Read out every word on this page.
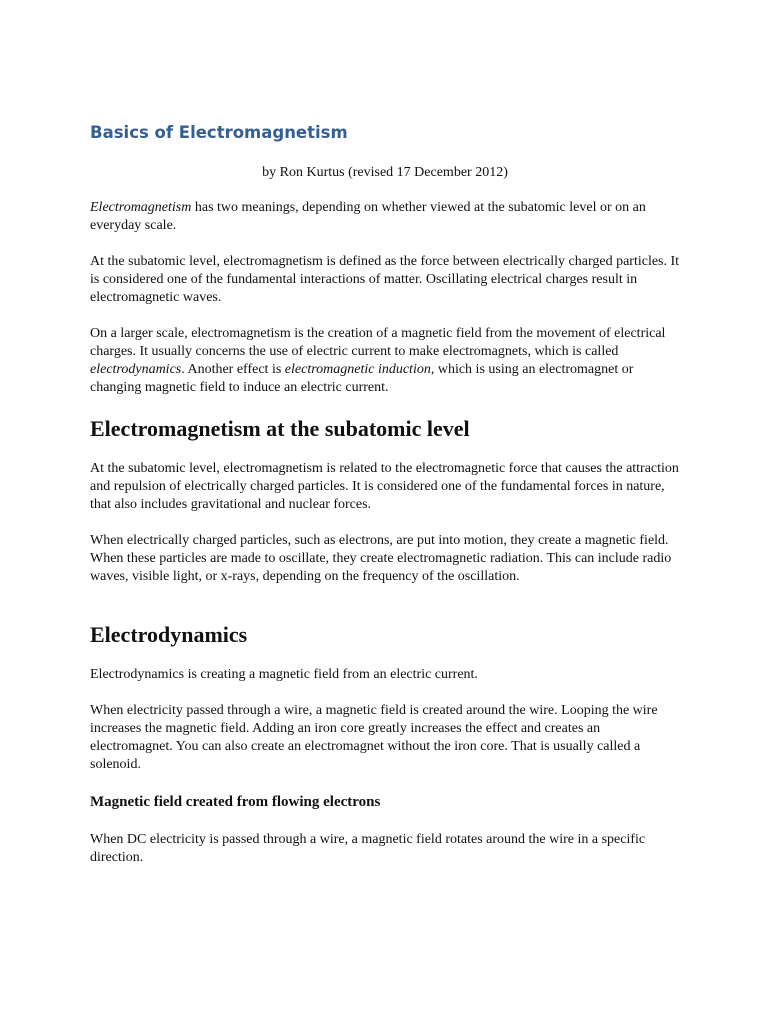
Basics of Electromagnetism

by Ron Kurtus (revised 17 December 2012)

Electromagnetism has two meanings, depending on whether viewed at the subatomic level or on an everyday scale.

At the subatomic level, electromagnetism is defined as the force between electrically charged particles. It is considered one of the fundamental interactions of matter. Oscillating electrical charges result in electromagnetic waves.

On a larger scale, electromagnetism is the creation of a magnetic field from the movement of electrical charges. It usually concerns the use of electric current to make electromagnets, which is called electrodynamics. Another effect is electromagnetic induction, which is using an electromagnet or changing magnetic field to induce an electric current.

Electromagnetism at the subatomic level

At the subatomic level, electromagnetism is related to the electromagnetic force that causes the attraction and repulsion of electrically charged particles. It is considered one of the fundamental forces in nature, that also includes gravitational and nuclear forces.

When electrically charged particles, such as electrons, are put into motion, they create a magnetic field. When these particles are made to oscillate, they create electromagnetic radiation. This can include radio waves, visible light, or x-rays, depending on the frequency of the oscillation.

Electrodynamics

Electrodynamics is creating a magnetic field from an electric current.

When electricity passed through a wire, a magnetic field is created around the wire. Looping the wire increases the magnetic field. Adding an iron core greatly increases the effect and creates an electromagnet. You can also create an electromagnet without the iron core. That is usually called a solenoid.

Magnetic field created from flowing electrons

When DC electricity is passed through a wire, a magnetic field rotates around the wire in a specific direction.
